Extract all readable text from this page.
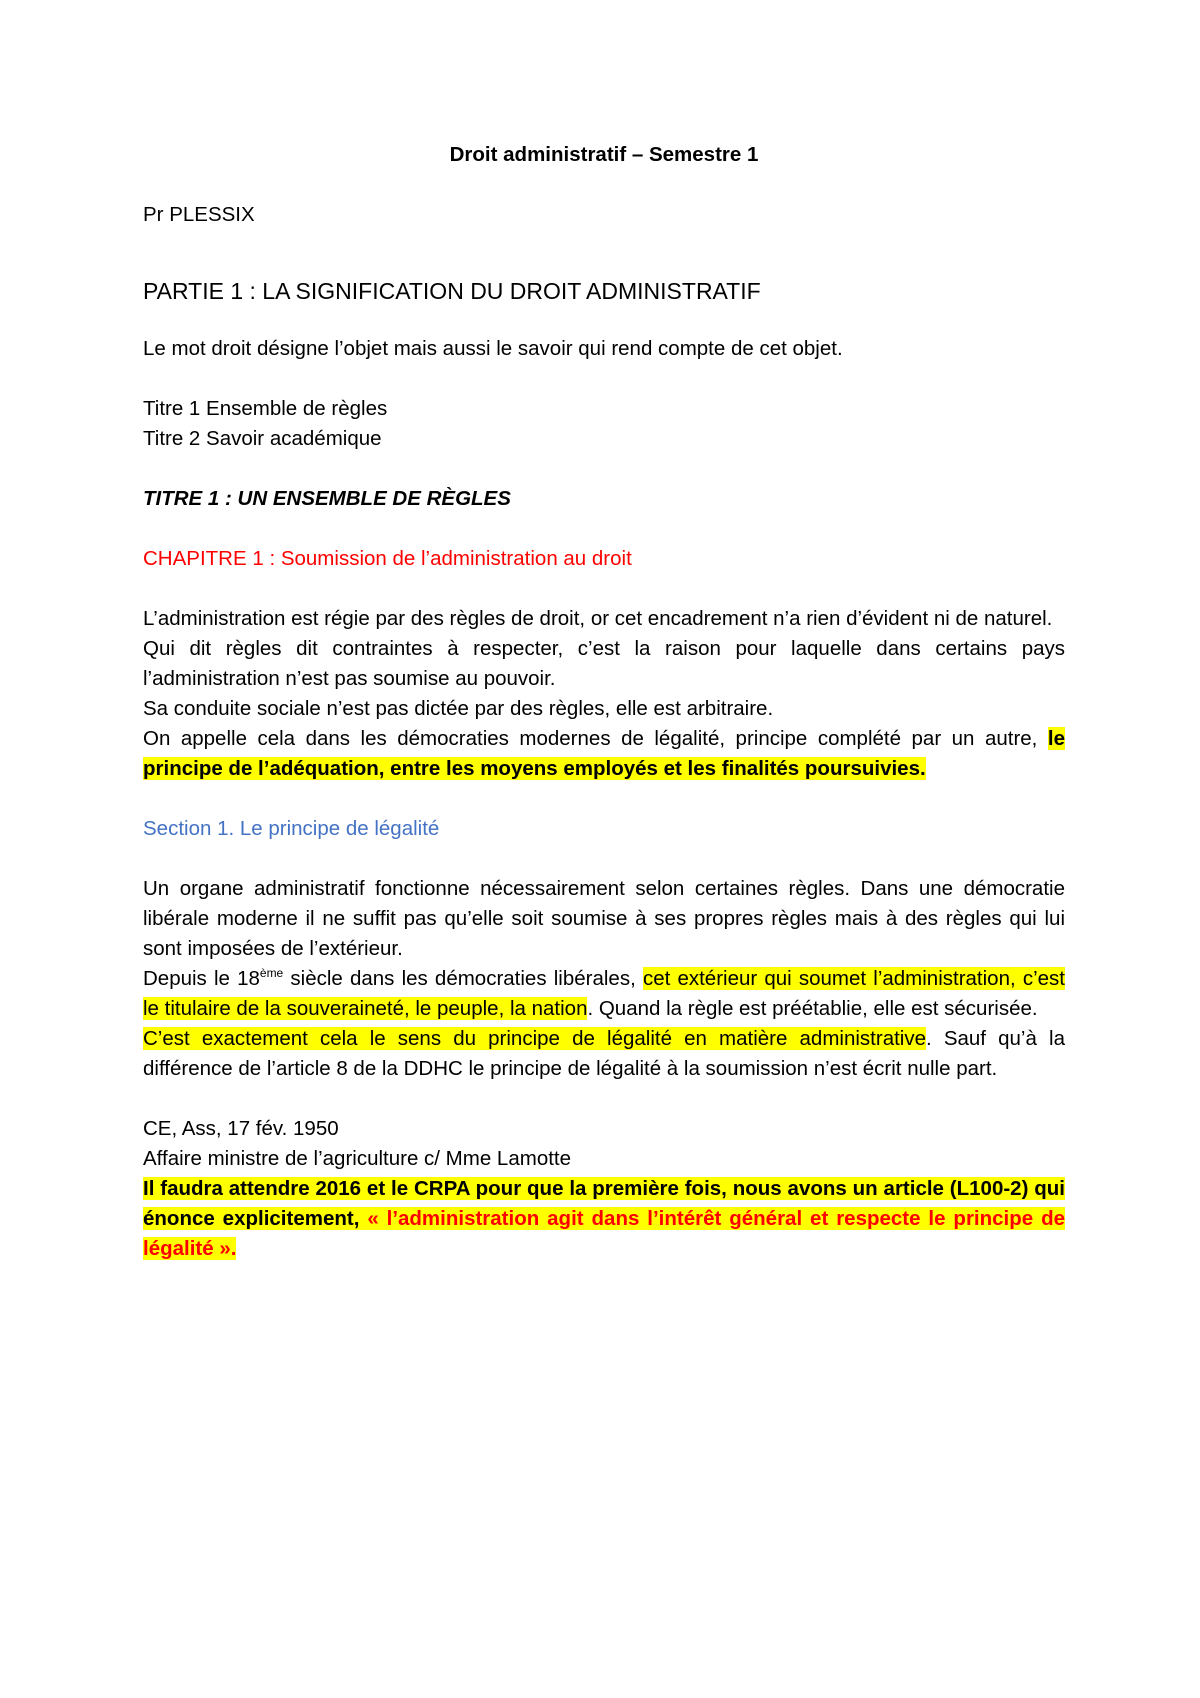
Droit administratif – Semestre 1

Pr PLESSIX

PARTIE 1 : LA SIGNIFICATION DU DROIT ADMINISTRATIF

Le mot droit désigne l’objet mais aussi le savoir qui rend compte de cet objet.

Titre 1 Ensemble de règles

Titre 2 Savoir académique

TITRE 1 : UN ENSEMBLE DE RÈGLES

CHAPITRE 1 : Soumission de l’administration au droit

L’administration est régie par des règles de droit, or cet encadrement n’a rien d’évident ni de naturel.

Qui dit règles dit contraintes à respecter, c’est la raison pour laquelle dans certains pays l’administration n’est pas soumise au pouvoir.

Sa conduite sociale n’est pas dictée par des règles, elle est arbitraire.

On appelle cela dans les démocraties modernes de légalité, principe complété par un autre, le principe de l’adéquation, entre les moyens employés et les finalités poursuivies.

Section 1. Le principe de légalité

Un organe administratif fonctionne nécessairement selon certaines règles. Dans une démocratie libérale moderne il ne suffit pas qu’elle soit soumise à ses propres règles mais à des règles qui lui sont imposées de l’extérieur.

Depuis le 18ème siècle dans les démocraties libérales, cet extérieur qui soumet l’administration, c’est le titulaire de la souveraineté, le peuple, la nation. Quand la règle est préétablie, elle est sécurisée.

C’est exactement cela le sens du principe de légalité en matière administrative. Sauf qu’à la différence de l’article 8 de la DDHC le principe de légalité à la soumission n’est écrit nulle part.

CE, Ass, 17 fév. 1950

Affaire ministre de l’agriculture c/ Mme Lamotte

Il faudra attendre 2016 et le CRPA pour que la première fois, nous avons un article (L100-2) qui énonce explicitement, « l’administration agit dans l’intérêt général et respecte le principe de légalité ».
